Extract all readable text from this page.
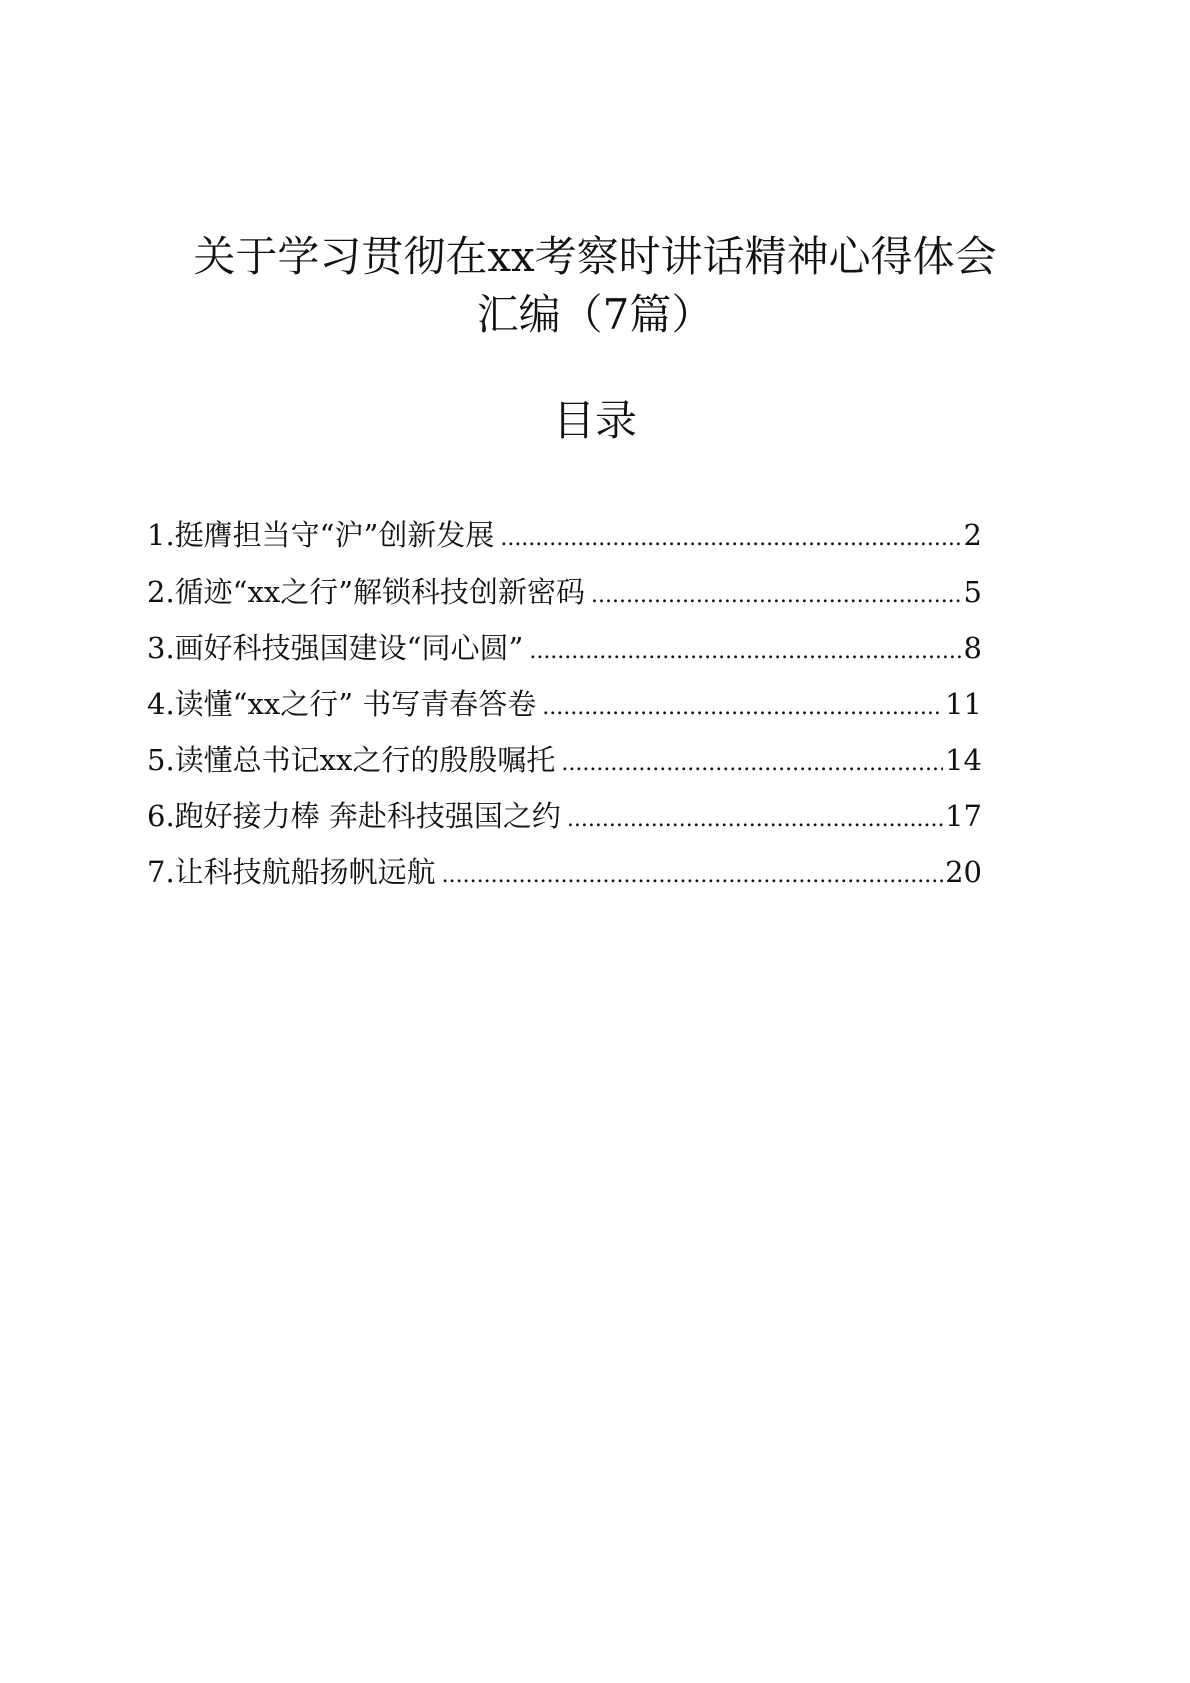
关于学习贯彻在xx考察时讲话精神心得体会
汇编（7篇）
目录
1.挺膺担当守“沪”创新发展 .....	2
2.循迹“xx之行”解锁科技创新密码 .....	5
3.画好科技强国建设“同心圆” .....	8
4.读懂“xx之行” 书写青春答卷 .....	11
5.读懂总书记xx之行的殷殷嘱托 .....	14
6.跑好接力棒 奔赴科技强国之约 .....	17
7.让科技航船扬帆远航 .....	20
